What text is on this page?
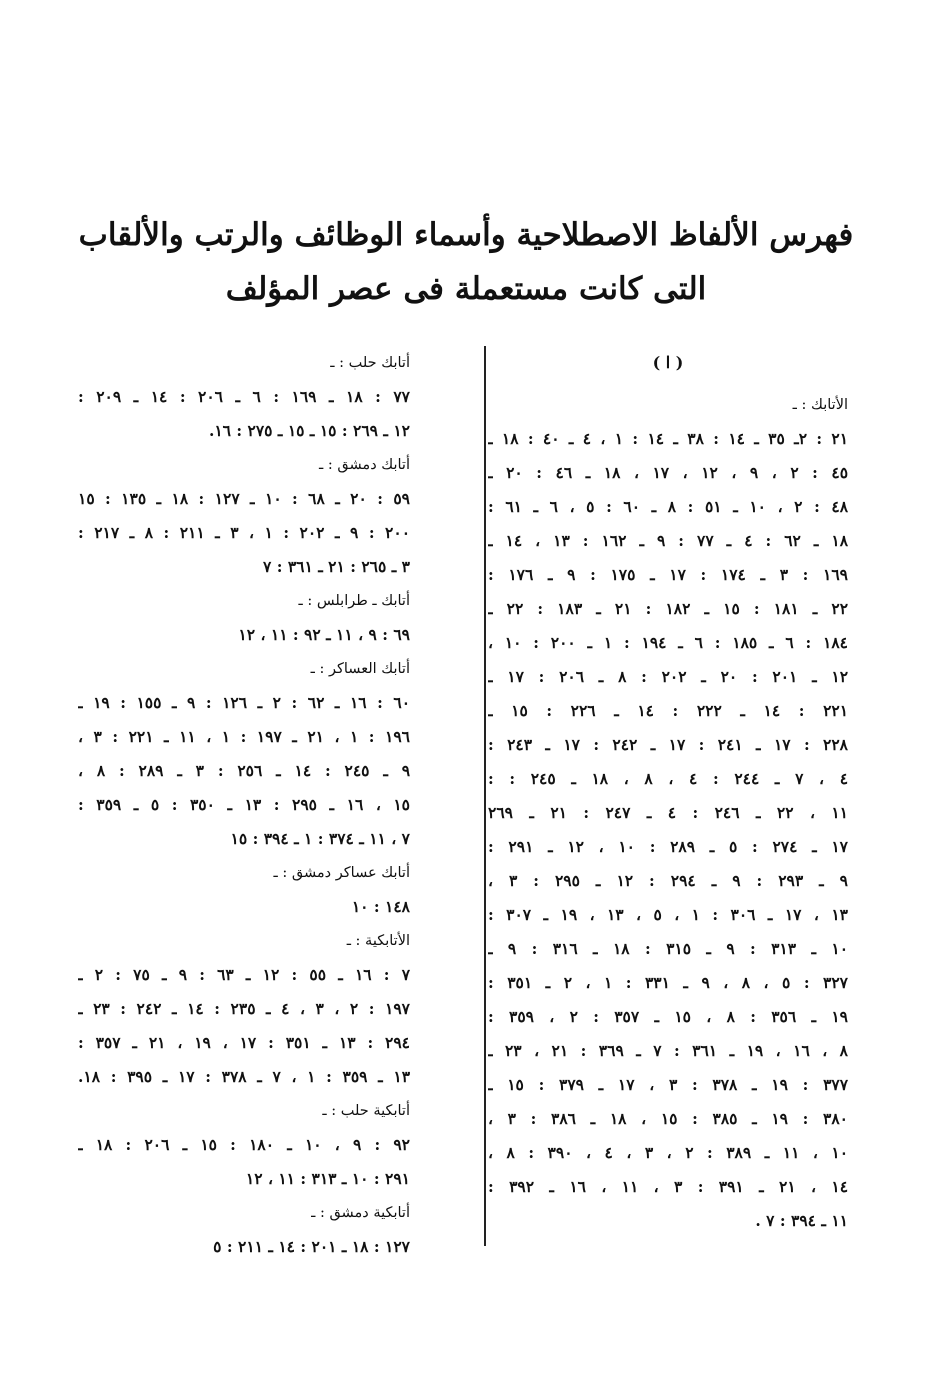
فهرس الألفاظ الاصطلاحية وأسماء الوظائف والرتب والألقاب
التى كانت مستعملة فى عصر المؤلف
( ا )
الأتابك : ـ
٢١ : ٢ـ ٣٥ ـ ١٤ : ٣٨ ـ ١٤ : ١ ، ٤ ـ ٤٠ : ١٨ ـ
٤٥ : ٢ ، ٩ ، ١٢ ، ١٧ ، ١٨ ـ ٤٦ : ٢٠ ـ
٤٨ : ٢ ، ١٠ ـ ٥١ : ٨ ـ ٦٠ : ٥ ، ٦ ـ ٦١ :
١٨ ـ ٦٢ : ٤ ـ ٧٧ : ٩ ـ ١٦٢ : ١٣ ، ١٤ ـ
١٦٩ : ٣ ـ ١٧٤ : ١٧ ـ ١٧٥ : ٩ ـ ١٧٦ :
٢٢ ـ ١٨١ : ١٥ ـ ١٨٢ : ٢١ ـ ١٨٣ : ٢٢ ـ
١٨٤ : ٦ ـ ١٨٥ : ٦ ـ ١٩٤ : ١ ـ ٢٠٠ : ١٠ ،
١٢ ـ ٢٠١ : ٢٠ ـ ٢٠٢ : ٨ ـ ٢٠٦ : ١٧ ـ
٢٢١ : ١٤ ـ ٢٢٢ : ١٤ ـ ٢٢٦ : ١٥ ـ
٢٢٨ : ١٧ ـ ٢٤١ : ١٧ ـ ٢٤٢ : ١٧ ـ ٢٤٣ :
٤ ، ٧ ـ ٢٤٤ : ٤ ، ٨ ، ١٨ ـ ٢٤٥ : :
١١ ، ٢٢ ـ ٢٤٦ : ٤ ـ ٢٤٧ : ٢١ ـ ٢٦٩
١٧ ـ ٢٧٤ : ٥ ـ ٢٨٩ : ١٠ ، ١٢ ـ ٢٩١ :
٩ ـ ٢٩٣ : ٩ ـ ٢٩٤ : ١٢ ـ ٢٩٥ : ٣ ،
١٣ ، ١٧ ـ ٣٠٦ : ١ ، ٥ ، ١٣ ، ١٩ ـ ٣٠٧ :
١٠ ـ ٣١٣ : ٩ ـ ٣١٥ : ١٨ ـ ٣١٦ : ٩ ـ
٣٢٧ : ٥ ، ٨ ، ٩ ـ ٣٣١ : ١ ، ٢ ـ ٣٥١ :
١٩ ـ ٣٥٦ : ٨ ، ١٥ ـ ٣٥٧ : ٢ ، ٣٥٩ :
٨ ، ١٦ ، ١٩ ـ ٣٦١ : ٧ ـ ٣٦٩ : ٢١ ، ٢٣ ـ
٣٧٧ : ١٩ ـ ٣٧٨ : ٣ ، ١٧ ـ ٣٧٩ : ١٥ ـ
٣٨٠ : ١٩ ـ ٣٨٥ : ١٥ ، ١٨ ـ ٣٨٦ : ٣ ،
١٠ ، ١١ ـ ٣٨٩ : ٢ ، ٣ ، ٤ ، ٣٩٠ : ٨ ،
١٤ ، ٢١ ـ ٣٩١ : ٣ ، ١١ ، ١٦ ـ ٣٩٢ :
١١ ـ ٣٩٤ : ٧ .
أتابك حلب : ـ
٧٧ : ١٨ ـ ١٦٩ : ٦ ـ ٢٠٦ : ١٤ ـ ٢٠٩ :
١٢ ـ ٢٦٩ : ١٥ ـ ١٥ ـ ٢٧٥ : ١٦.
أتابك دمشق : ـ
٥٩ : ٢٠ ـ ٦٨ : ١٠ ـ ١٢٧ : ١٨ ـ ١٣٥ : ١٥
٢٠٠ : ٩ ـ ٢٠٢ : ١ ، ٣ ـ ٢١١ : ٨ ـ ٢١٧ :
٣ ـ ٢٦٥ : ٢١ ـ ٣٦١ : ٧
أتابك ـ طرابلس : ـ
٦٩ : ٩ ، ١١ ـ ٩٢ : ١١ ، ١٢
أتابك العساكر : ـ
٦٠ : ١٦ ـ ٦٢ : ٢ ـ ١٢٦ : ٩ ـ ١٥٥ : ١٩ ـ
١٩٦ : ١ ، ٢١ ـ ١٩٧ : ١ ، ١١ ـ ٢٢١ : ٣ ،
٩ ـ ٢٤٥ : ١٤ ـ ٢٥٦ : ٣ ـ ٢٨٩ : ٨ ،
١٥ ، ١٦ ـ ٢٩٥ : ١٣ ـ ٣٥٠ : ٥ ـ ٣٥٩ :
٧ ، ١١ ـ ٣٧٤ : ١ ـ ٣٩٤ : ١٥
أتابك عساكر دمشق : ـ
١٤٨ : ١٠
الأتابكية : ـ
٧ : ١٦ ـ ٥٥ : ١٢ ـ ٦٣ : ٩ ـ ٧٥ : ٢ ـ
١٩٧ : ٢ ، ٣ ، ٤ ـ ٢٣٥ : ١٤ ـ ٢٤٢ : ٢٣ ـ
٢٩٤ : ١٣ ـ ٣٥١ : ١٧ ، ١٩ ، ٢١ ـ ٣٥٧ :
١٣ ـ ٣٥٩ : ١ ، ٧ ـ ٣٧٨ : ١٧ ـ ٣٩٥ : ١٨.
أتابكية حلب : ـ
٩٢ : ٩ ، ١٠ ـ ١٨٠ : ١٥ ـ ٢٠٦ : ١٨ ـ
٢٩١ : ١٠ ـ ٣١٣ : ١١ ، ١٢
أتابكية دمشق : ـ
١٢٧ : ١٨ ـ ٢٠١ : ١٤ ـ ٢١١ : ٥
